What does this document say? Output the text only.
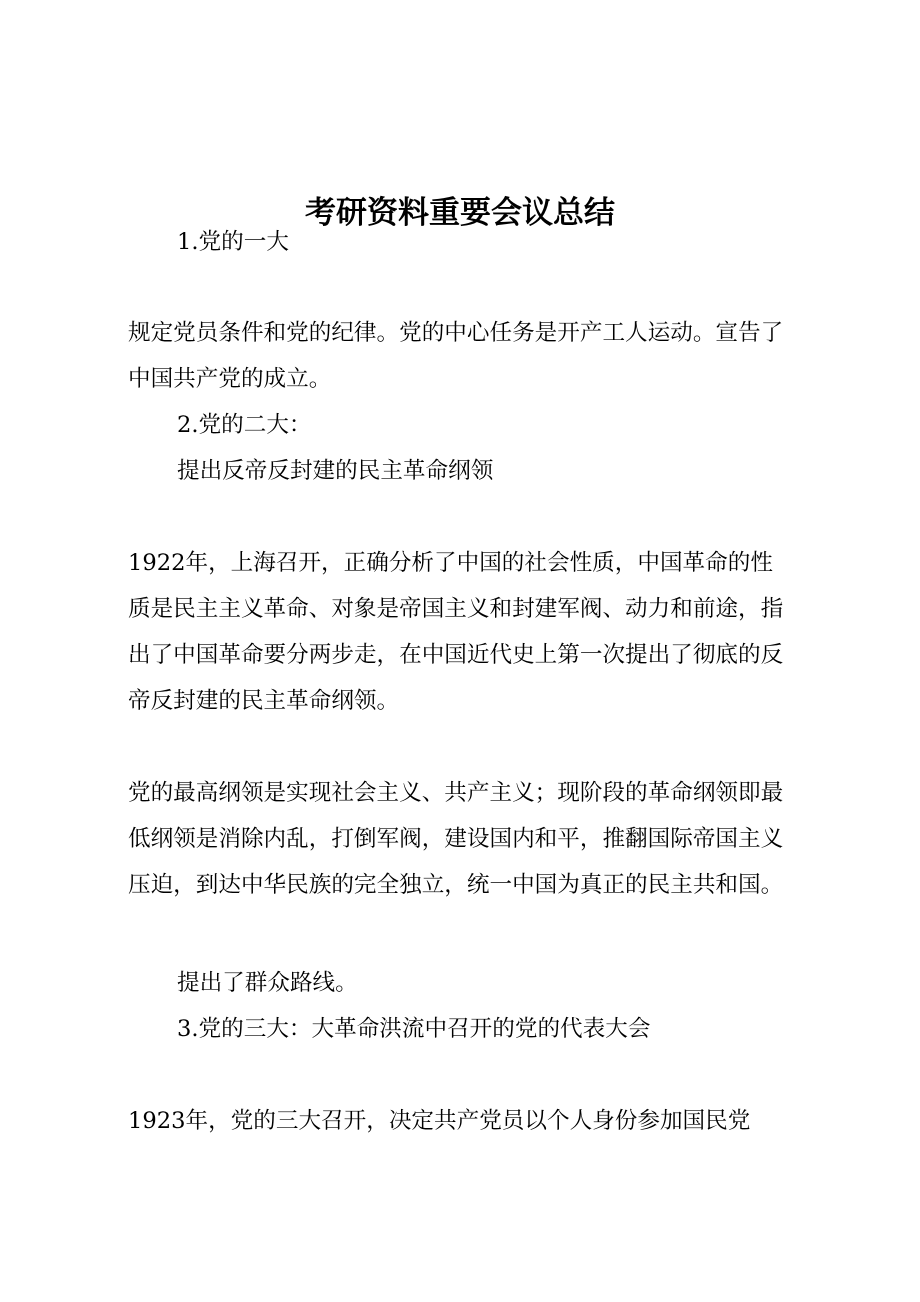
考研资料重要会议总结

1.党的一大

规定党员条件和党的纪律。党的中心任务是开产工人运动。宣告了中国共产党的成立。

2.党的二大：

提出反帝反封建的民主革命纲领

1922年，上海召开，正确分析了中国的社会性质，中国革命的性质是民主主义革命、对象是帝国主义和封建军阀、动力和前途，指出了中国革命要分两步走，在中国近代史上第一次提出了彻底的反帝反封建的民主革命纲领。

党的最高纲领是实现社会主义、共产主义；现阶段的革命纲领即最低纲领是消除内乱，打倒军阀，建设国内和平，推翻国际帝国主义压迫，到达中华民族的完全独立，统一中国为真正的民主共和国。

提出了群众路线。

3.党的三大：大革命洪流中召开的党的代表大会

1923年，党的三大召开，决定共产党员以个人身份参加国民党
